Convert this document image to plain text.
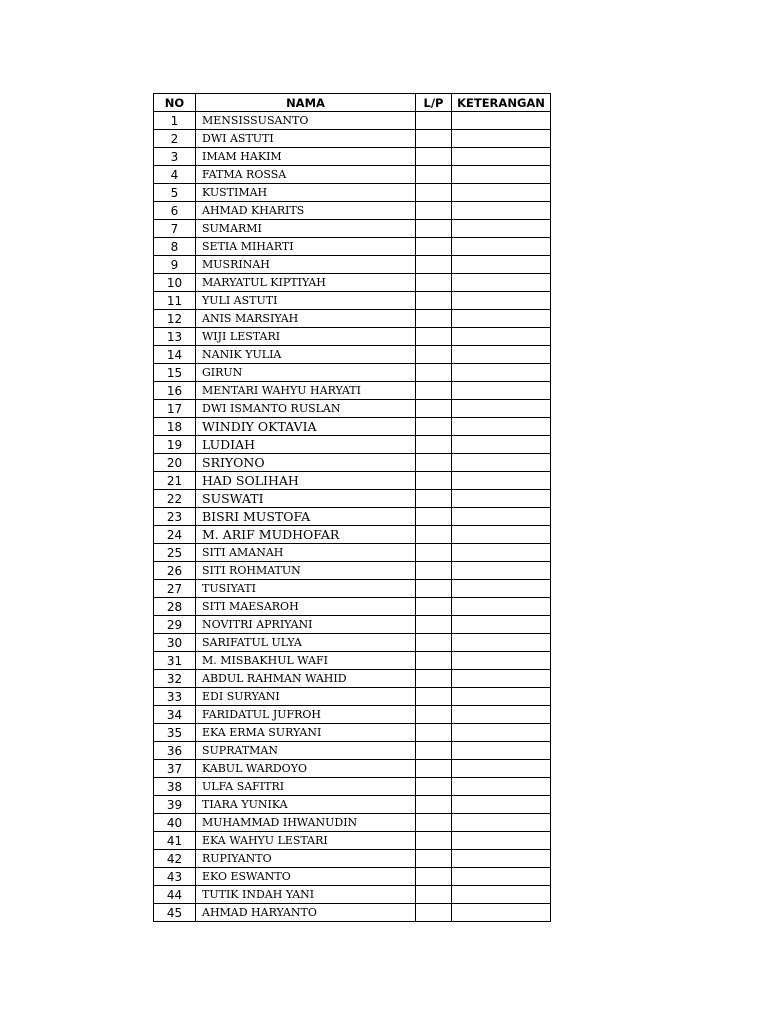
NO	NAMA	L/P	KETERANGAN
1	MENSISSUSANTO		
2	DWI ASTUTI		
3	IMAM HAKIM		
4	FATMA ROSSA		
5	KUSTIMAH		
6	AHMAD KHARITS		
7	SUMARMI		
8	SETIA MIHARTI		
9	MUSRINAH		
10	MARYATUL KIPTIYAH		
11	YULI ASTUTI		
12	ANIS MARSIYAH		
13	WIJI LESTARI		
14	NANIK YULIA		
15	GIRUN		
16	MENTARI WAHYU HARYATI		
17	DWI ISMANTO RUSLAN		
18	WINDIY OKTAVIA		
19	LUDIAH		
20	SRIYONO		
21	HAD SOLIHAH		
22	SUSWATI		
23	BISRI MUSTOFA		
24	M. ARIF MUDHOFAR		
25	SITI AMANAH		
26	SITI ROHMATUN		
27	TUSIYATI		
28	SITI MAESAROH		
29	NOVITRI APRIYANI		
30	SARIFATUL ULYA		
31	M. MISBAKHUL WAFI		
32	ABDUL RAHMAN WAHID		
33	EDI SURYANI		
34	FARIDATUL JUFROH		
35	EKA ERMA SURYANI		
36	SUPRATMAN		
37	KABUL WARDOYO		
38	ULFA SAFITRI		
39	TIARA YUNIKA		
40	MUHAMMAD IHWANUDIN		
41	EKA WAHYU LESTARI		
42	RUPIYANTO		
43	EKO ESWANTO		
44	TUTIK INDAH YANI		
45	AHMAD HARYANTO		
